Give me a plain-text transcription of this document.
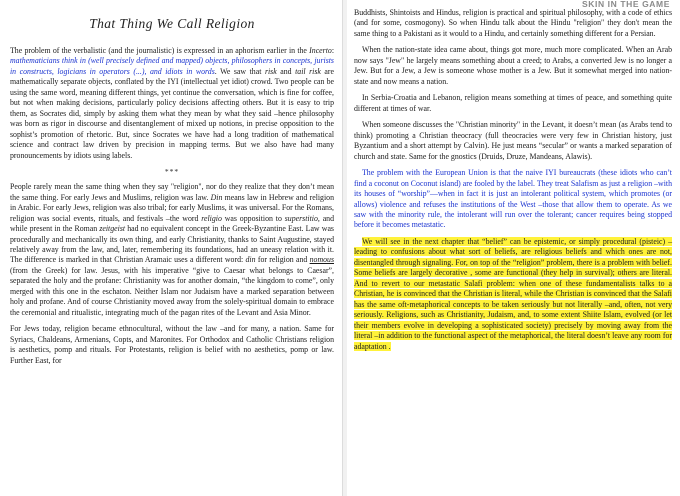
That Thing We Call Religion

The problem of the verbalistic (and the journalistic) is expressed in an aphorism earlier in the Incerto: mathematicians think in (well precisely defined and mapped) objects, philosophers in concepts, jurists in constructs, logicians in operators (...), and idiots in words. We saw that risk and tail risk are mathematically separate objects, conflated by the IYI (intellectual yet idiot) crowd. Two people can be using the same word, meaning different things, yet continue the conversation, which is fine for coffee, but not when making decisions, particularly policy decisions affecting others. But it is easy to trip them, as Socrates did, simply by asking them what they mean by what they said –hence philosophy was born as rigor in discourse and disentanglement of mixed up notions, in precise opposition to the sophist’s promotion of rhetoric. But, since Socrates we have had a long tradition of mathematical science and contract law driven by precision in mapping terms. But we also have had many pronouncements by idiots using labels.

***

People rarely mean the same thing when they say "religion", nor do they realize that they don’t mean the same thing. For early Jews and Muslims, religion was law. Din means law in Hebrew and religion in Arabic. For early Jews, religion was also tribal; for early Muslims, it was universal. For the Romans, religion was social events, rituals, and festivals –the word religio was opposition to superstitio, and while present in the Roman zeitgeist had no equivalent concept in the Greek-Byzantine East. Law was procedurally and mechanically its own thing, and early Christianity, thanks to Saint Augustine, stayed relatively away from the law, and, later, remembering its foundations, had an uneasy relation with it. The difference is marked in that Christian Aramaic uses a different word: din for religion and nomous (from the Greek) for law. Jesus, with his imperative “give to Caesar what belongs to Caesar”, separated the holy and the profane: Christianity was for another domain, “the kingdom to come”, only merged with this one in the eschaton. Neither Islam nor Judaism have a marked separation between holy and profane. And of course Christianity moved away from the solely-spiritual domain to embrace the ceremonial and ritualistic, integrating much of the pagan rites of the Levant and Asia Minor.

For Jews today, religion became ethnocultural, without the law –and for many, a nation. Same for Syriacs, Chaldeans, Armenians, Copts, and Maronites. For Orthodox and Catholic Christians religion is aesthetics, pomp and rituals. For Protestants, religion is belief with no aesthetics, pomp or law. Further East, for

SKIN IN THE GAME

Buddhists, Shintoists and Hindus, religion is practical and spiritual philosophy, with a code of ethics (and for some, cosmogony). So when Hindu talk about the Hindu "religion" they don't mean the same thing to a Pakistani as it would to a Hindu, and certainly something different for a Persian.

When the nation-state idea came about, things got more, much more complicated. When an Arab now says "Jew" he largely means something about a creed; to Arabs, a converted Jew is no longer a Jew. But for a Jew, a Jew is someone whose mother is a Jew. But it somewhat merged into nation-state and now means a nation.

In Serbia-Croatia and Lebanon, religion means something at times of peace, and something quite different at times of war.

When someone discusses the "Christian minority" in the Levant, it doesn’t mean (as Arabs tend to think) promoting a Christian theocracy (full theocracies were very few in Christian history, just Byzantium and a short attempt by Calvin). He just means “secular” or wants a marked separation of church and state. Same for the gnostics (Druids, Druze, Mandeans, Alawis).

The problem with the European Union is that the naive IYI bureaucrats (these idiots who can’t find a coconut on Coconut island) are fooled by the label. They treat Salafism as just a religion –with its houses of “worship”—when in fact it is just an intolerant political system, which promotes (or allows) violence and refuses the institutions of the West –those that allow them to operate. As we saw with the minority rule, the intolerant will run over the tolerant; cancer requires being stopped before it becomes metastatic.

We will see in the next chapter that “belief” can be epistemic, or simply procedural (pisteic) –leading to confusions about what sort of beliefs, are religious beliefs and which ones are not, disentangled through signaling. For, on top of the “religion” problem, there is a problem with belief. Some beliefs are largely decorative , some are functional (they help in survival); others are literal. And to revert to our metastatic Salafi problem: when one of these fundamentalists talks to a Christian, he is convinced that the Christian is literal, while the Christian is convinced that the Salafi has the same oft-metaphorical concepts to be taken seriously but not literally –and, often, not very seriously. Religions, such as Christianity, Judaism, and, to some extent Shiite Islam, evolved (or let their members evolve in developing a sophisticated society) precisely by moving away from the literal –in addition to the functional aspect of the metaphorical, the literal doesn’t leave any room for adaptation .
